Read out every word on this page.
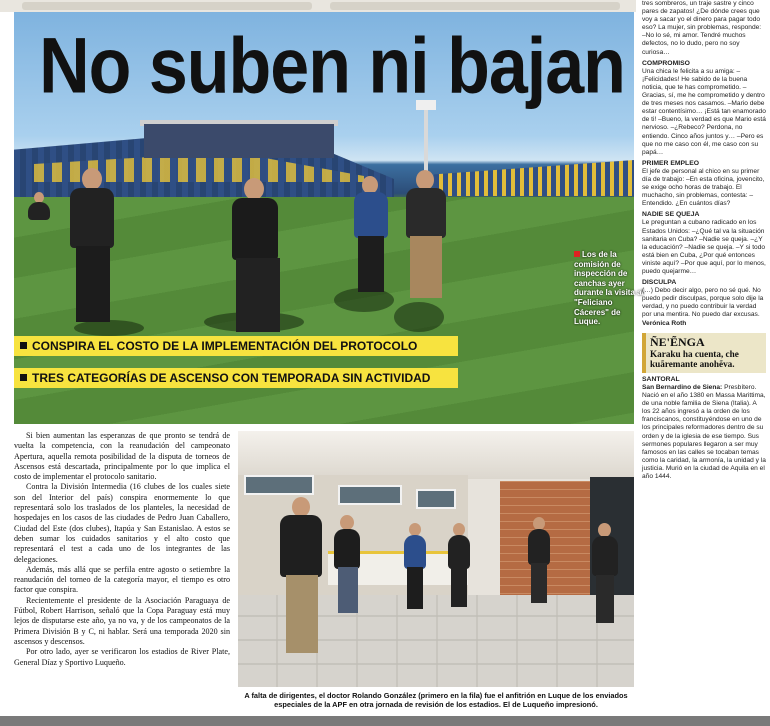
No suben ni bajan
Los de la comisión de inspección de canchas ayer durante la visita al "Feliciano Cáceres" de Luque.
CONSPIRA EL COSTO DE LA IMPLEMENTACIÓN DEL PROTOCOLO
TRES CATEGORÍAS DE ASCENSO CON TEMPORADA SIN ACTIVIDAD

Si bien aumentan las esperanzas de que pronto se tendrá de vuelta la competencia, con la reanudación del campeonato Apertura, aquella remota posibilidad de la disputa de torneos de Ascensos está descartada, principalmente por lo que implica el costo de implementar el protocolo sanitario.

Contra la División Intermedia (16 clubes de los cuales siete son del Interior del país) conspira enormemente lo que representará solo los traslados de los planteles, la necesidad de hospedajes en los casos de las ciudades de Pedro Juan Caballero, Ciudad del Este (dos clubes), Itapúa y San Estanislao. A estos se deben sumar los cuidados sanitarios y el alto costo que representará el test a cada uno de los integrantes de las delegaciones.

Además, más allá que se perfila entre agosto o setiembre la reanudación del torneo de la categoría mayor, el tiempo es otro factor que conspira.

Recientemente el presidente de la Asociación Paraguaya de Fútbol, Robert Harrison, señaló que la Copa Paraguay está muy lejos de disputarse este año, ya no va, y de los campeonatos de la Primera División B y C, ni hablar. Será una temporada 2020 sin ascensos y descensos.

Por otro lado, ayer se verificaron los estadios de River Plate, General Díaz y Sportivo Luqueño.

A falta de dirigentes, el doctor Rolando González (primero en la fila) fue el anfitrión en Luque de los enviados especiales de la APF en otra jornada de revisión de los estadios. El de Luqueño impresionó.

tres sombreros, un traje sastre y cinco pares de zapatos! ¿De dónde crees que voy a sacar yo el dinero para pagar todo eso? La mujer, sin problemas, responde: –No lo sé, mi amor. Tendré muchos defectos, no lo dudo, pero no soy curiosa…

COMPROMISO

Una chica le felicita a su amiga: –¡Felicidades! He sabido de la buena noticia, que te has comprometido. –Gracias, sí, me he comprometido y dentro de tres meses nos casamos. –Mario debe estar contentísimo… ¡Está tan enamorado de ti! –Bueno, la verdad es que Mario está nervioso. –¿Rebeco? Perdona, no entiendo. Cinco años juntos y… –Pero es que no me caso con él, me caso con su papá…

PRIMER EMPLEO

El jefe de personal al chico en su primer día de trabajo: –En esta oficina, jovencito, se exige ocho horas de trabajo. El muchacho, sin problemas, contesta: –Entendido. ¿En cuántos días?

NADIE SE QUEJA

Le preguntan a cubano radicado en los Estados Unidos: –¿Qué tal va la situación sanitaria en Cuba? –Nadie se queja. –¿Y la educación? –Nadie se queja. –Y si todo está bien en Cuba, ¿Por qué entonces viniste aquí? –Por que aquí, por lo menos, puedo quejarme…

DISCULPA

(…) Debo decir algo, pero no sé qué. No puedo pedir disculpas, porque solo dije la verdad, y no puedo contribuir la verdad por una mentira. No puedo dar excusas.

Verónica Roth
ÑE'ẼNGA
Karaku ha cuenta, che kuãremante anohẽva.
SANTORAL

San Bernardino de Siena: Presbítero. Nació en el año 1380 en Massa Marittima, de una noble familia de Siena (Italia). A los 22 años ingresó a la orden de los franciscanos, constituyéndose en uno de los principales reformadores dentro de su orden y de la iglesia de ese tiempo. Sus sermones populares llegaron a ser muy famosos en las calles se tocaban temas como la caridad, la armonía, la unidad y la justicia. Murió en la ciudad de Aquila en el año 1444.
